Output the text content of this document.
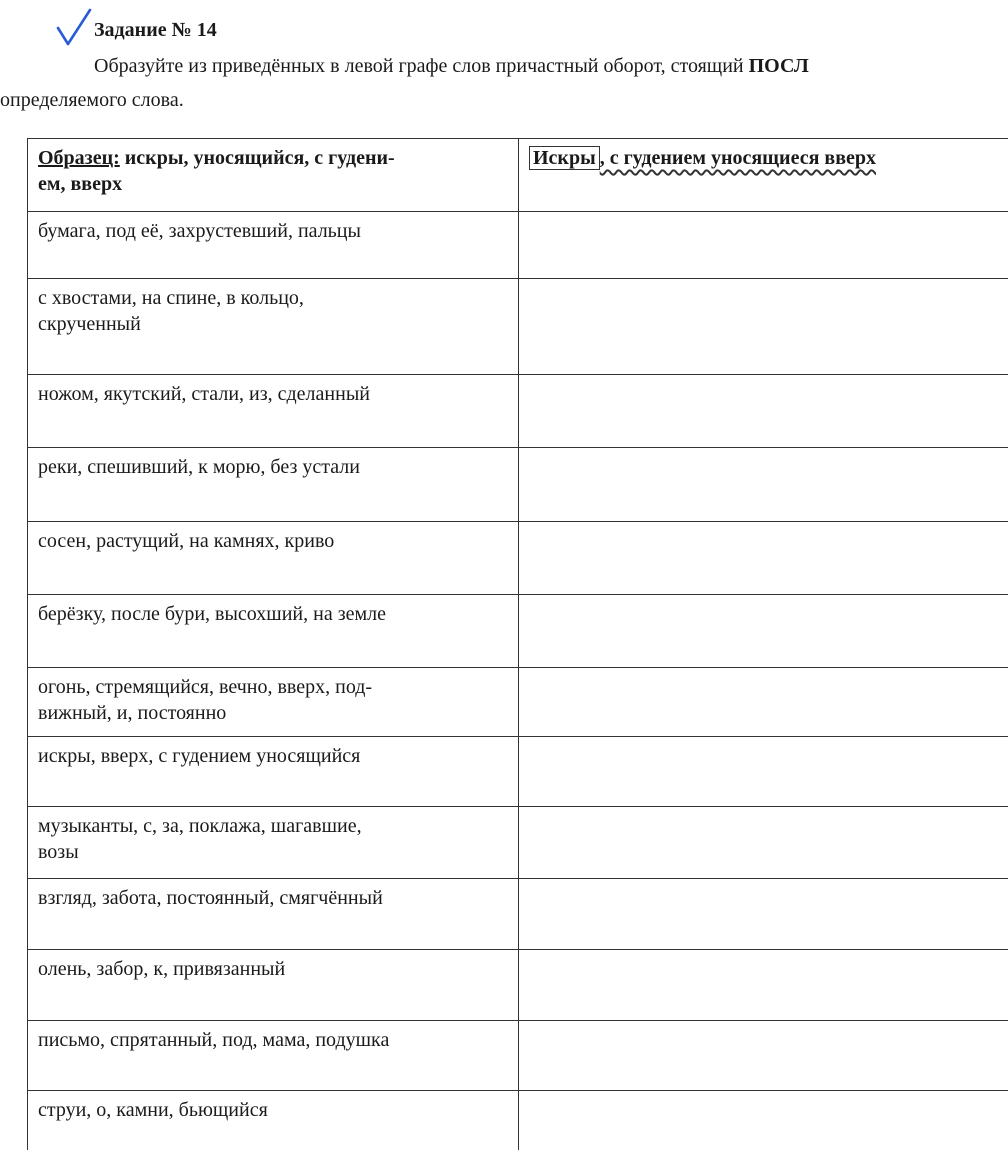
Задание № 14
Образуйте из приведённых в левой графе слов причастный оборот, стоящий ПОСЛ
определяемого слова.
Образец: искры, уносящийся, с гудени-
ем, вверх	Искры , с гудением уносящиеся вверх
бумага, под её, захрустевший, пальцы

с хвостами, на спине, в кольцо,
скрученный	

ножом, якутский, стали, из, сделанный

реки, спешивший, к морю, без устали

сосен, растущий, на камнях, криво

берёзку, после бури, высохший, на земле

огонь, стремящийся, вечно, вверх, под-
вижный, и, постоянно	

искры, вверх, с гудением уносящийся

музыканты, с, за, поклажа, шагавшие,
возы	

взгляд, забота, постоянный, смягчённый

олень, забор, к, привязанный

письмо, спрятанный, под, мама, подушка

струи, о, камни, бьющийся
